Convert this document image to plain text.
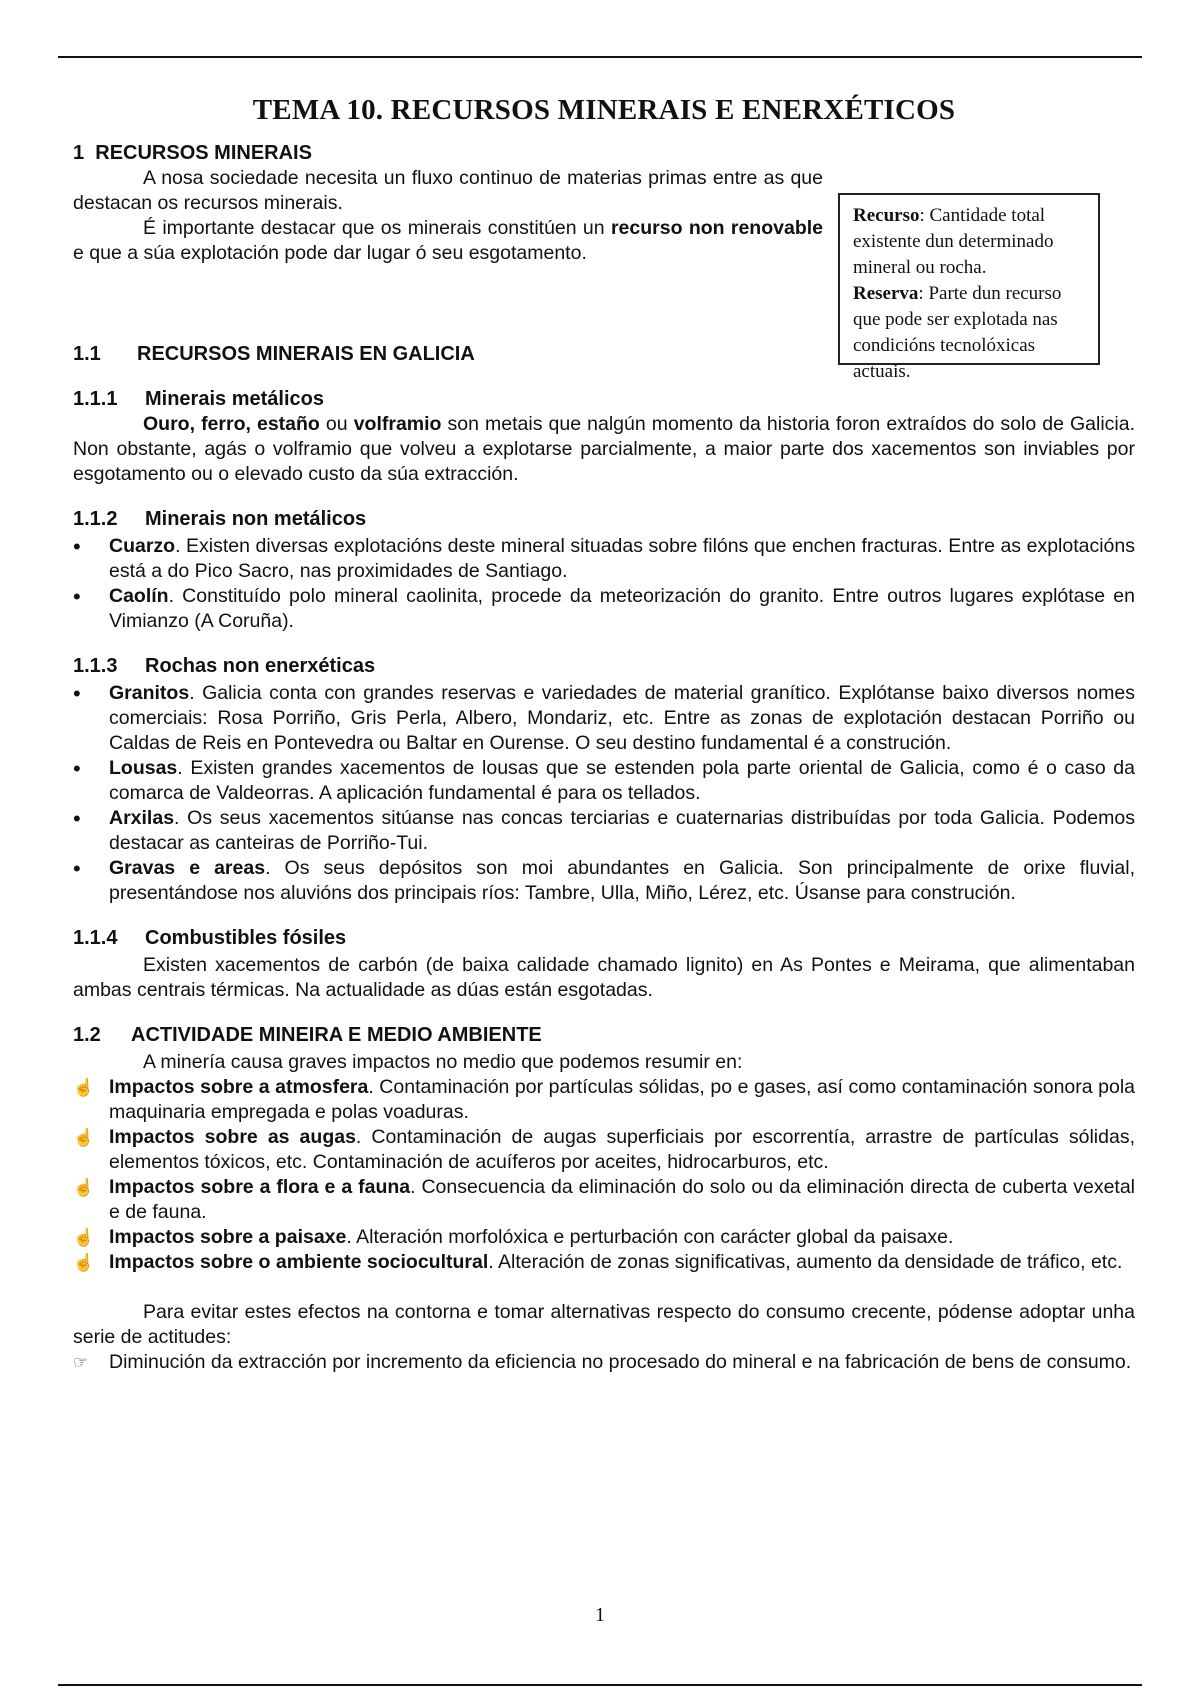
TEMA 10. RECURSOS MINERAIS E ENERXÉTICOS
1 RECURSOS MINERAIS

A nosa sociedade necesita un fluxo continuo de materias primas entre as que destacan os recursos minerais.

É importante destacar que os minerais constitúen un recurso non renovable e que a súa explotación pode dar lugar ó seu esgotamento.

1.1 RECURSOS MINERAIS EN GALICIA
1.1.1 Minerais metálicos

Ouro, ferro, estaño ou volframio son metais que nalgún momento da historia foron extraídos do solo de Galicia. Non obstante, agás o volframio que volveu a explotarse parcialmente, a maior parte dos xacementos son inviables por esgotamento ou o elevado custo da súa extracción.

1.1.2 Minerais non metálicos
•
Cuarzo. Existen diversas explotacións deste mineral situadas sobre filóns que enchen fracturas. Entre as explotacións está a do Pico Sacro, nas proximidades de Santiago.
•
Caolín. Constituído polo mineral caolinita, procede da meteorización do granito. Entre outros lugares explótase en Vimianzo (A Coruña).
1.1.3 Rochas non enerxéticas
•
Granitos. Galicia conta con grandes reservas e variedades de material granítico. Explótanse baixo diversos nomes comerciais: Rosa Porriño, Gris Perla, Albero, Mondariz, etc. Entre as zonas de explotación destacan Porriño ou Caldas de Reis en Pontevedra ou Baltar en Ourense. O seu destino fundamental é a construción.
•
Lousas. Existen grandes xacementos de lousas que se estenden pola parte oriental de Galicia, como é o caso da comarca de Valdeorras. A aplicación fundamental é para os tellados.
•
Arxilas. Os seus xacementos sitúanse nas concas terciarias e cuaternarias distribuídas por toda Galicia. Podemos destacar as canteiras de Porriño-Tui.
•
Gravas e areas. Os seus depósitos son moi abundantes en Galicia. Son principalmente de orixe fluvial, presentándose nos aluvións dos principais ríos: Tambre, Ulla, Miño, Lérez, etc. Úsanse para construción.
1.1.4 Combustibles fósiles

Existen xacementos de carbón (de baixa calidade chamado lignito) en As Pontes e Meirama, que alimentaban ambas centrais térmicas. Na actualidade as dúas están esgotadas.

1.2 ACTIVIDADE MINEIRA E MEDIO AMBIENTE

A minería causa graves impactos no medio que podemos resumir en:

☝ Impactos sobre a atmosfera. Contaminación por partículas sólidas, po e gases, así como contaminación sonora pola maquinaria empregada e polas voaduras.
☝ Impactos sobre as augas. Contaminación de augas superficiais por escorrentía, arrastre de partículas sólidas, elementos tóxicos, etc. Contaminación de acuíferos por aceites, hidrocarburos, etc.
☝ Impactos sobre a flora e a fauna. Consecuencia da eliminación do solo ou da eliminación directa de cuberta vexetal e de fauna.
☝ Impactos sobre a paisaxe. Alteración morfolóxica e perturbación con carácter global da paisaxe.
☝ Impactos sobre o ambiente sociocultural. Alteración de zonas significativas, aumento da densidade de tráfico, etc.

Para evitar estes efectos na contorna e tomar alternativas respecto do consumo crecente, pódense adoptar unha serie de actitudes:

☞ Diminución da extracción por incremento da eficiencia no procesado do mineral e na fabricación de bens de consumo.
Recurso: Cantidade total existente dun determinado mineral ou rocha.
Reserva: Parte dun recurso que pode ser explotada nas condicións tecnolóxicas actuais.
1
